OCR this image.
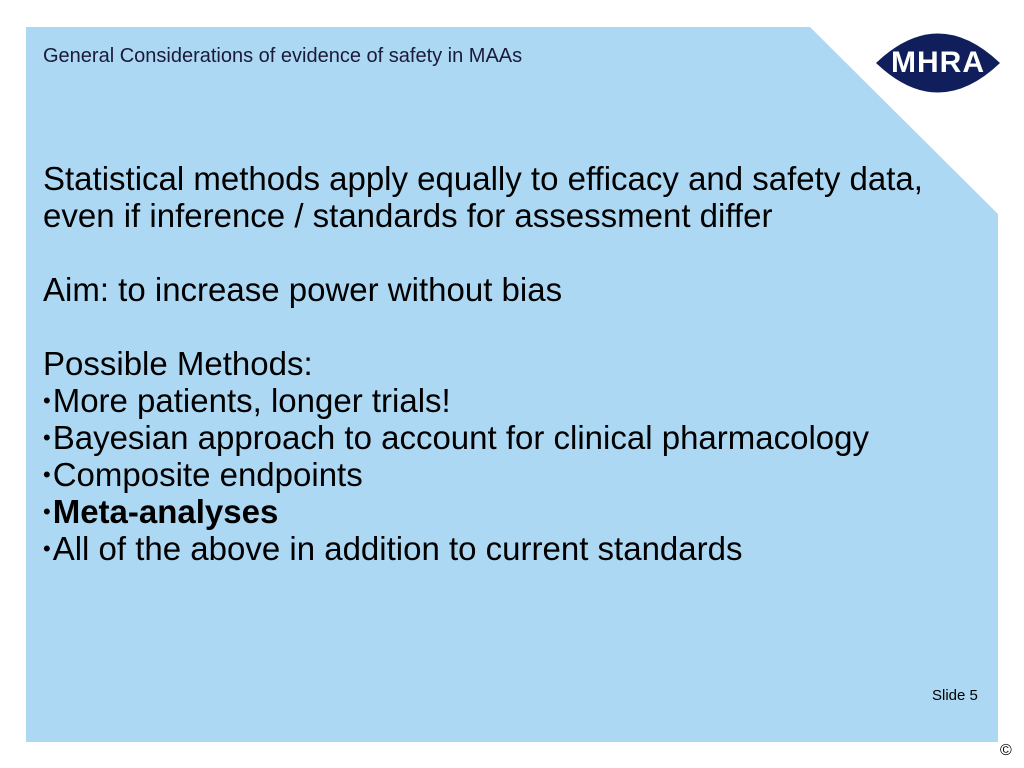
General Considerations of evidence of safety in MAAs	MHRA

Statistical methods apply equally to efficacy and safety data, even if inference / standards for assessment differ

Aim: to increase power without bias

Possible Methods:

•More patients, longer trials!
•Bayesian approach to account for clinical pharmacology
•Composite endpoints
•Meta-analyses
•All of the above in addition to current standards
Slide 5
©
